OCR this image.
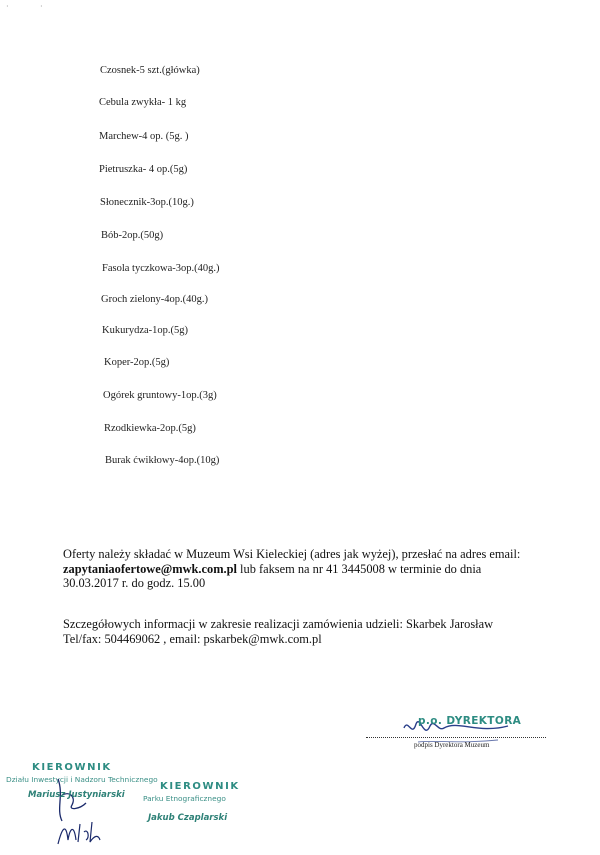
Czosnek-5 szt.(główka)
Cebula zwykła- 1 kg
Marchew-4 op. (5g. )
Pietruszka- 4 op.(5g)
Słonecznik-3op.(10g.)
Bób-2op.(50g)
Fasola tyczkowa-3op.(40g.)
Groch zielony-4op.(40g.)
Kukurydza-1op.(5g)
Koper-2op.(5g)
Ogórek gruntowy-1op.(3g)
Rzodkiewka-2op.(5g)
Burak ćwikłowy-4op.(10g)
Oferty należy składać w Muzeum Wsi Kieleckiej (adres jak wyżej), przesłać na adres email:
zapytaniaofertowe@mwk.com.pl lub faksem na nr 41 3445008 w terminie do dnia
30.03.2017 r. do godz. 15.00
Szczegółowych informacji w zakresie realizacji zamówienia udzieli: Skarbek Jarosław
Tel/fax: 504469062 , email: pskarbek@mwk.com.pl
p.o. DYREKTORA
podpis Dyrektora Muzeum
KIEROWNIK
Działu Inwestycji i Nadzoru Technicznego
Mariusz Justyniarski
KIEROWNIK
Parku Etnograficznego
Jakub Czaplarski
·	·
